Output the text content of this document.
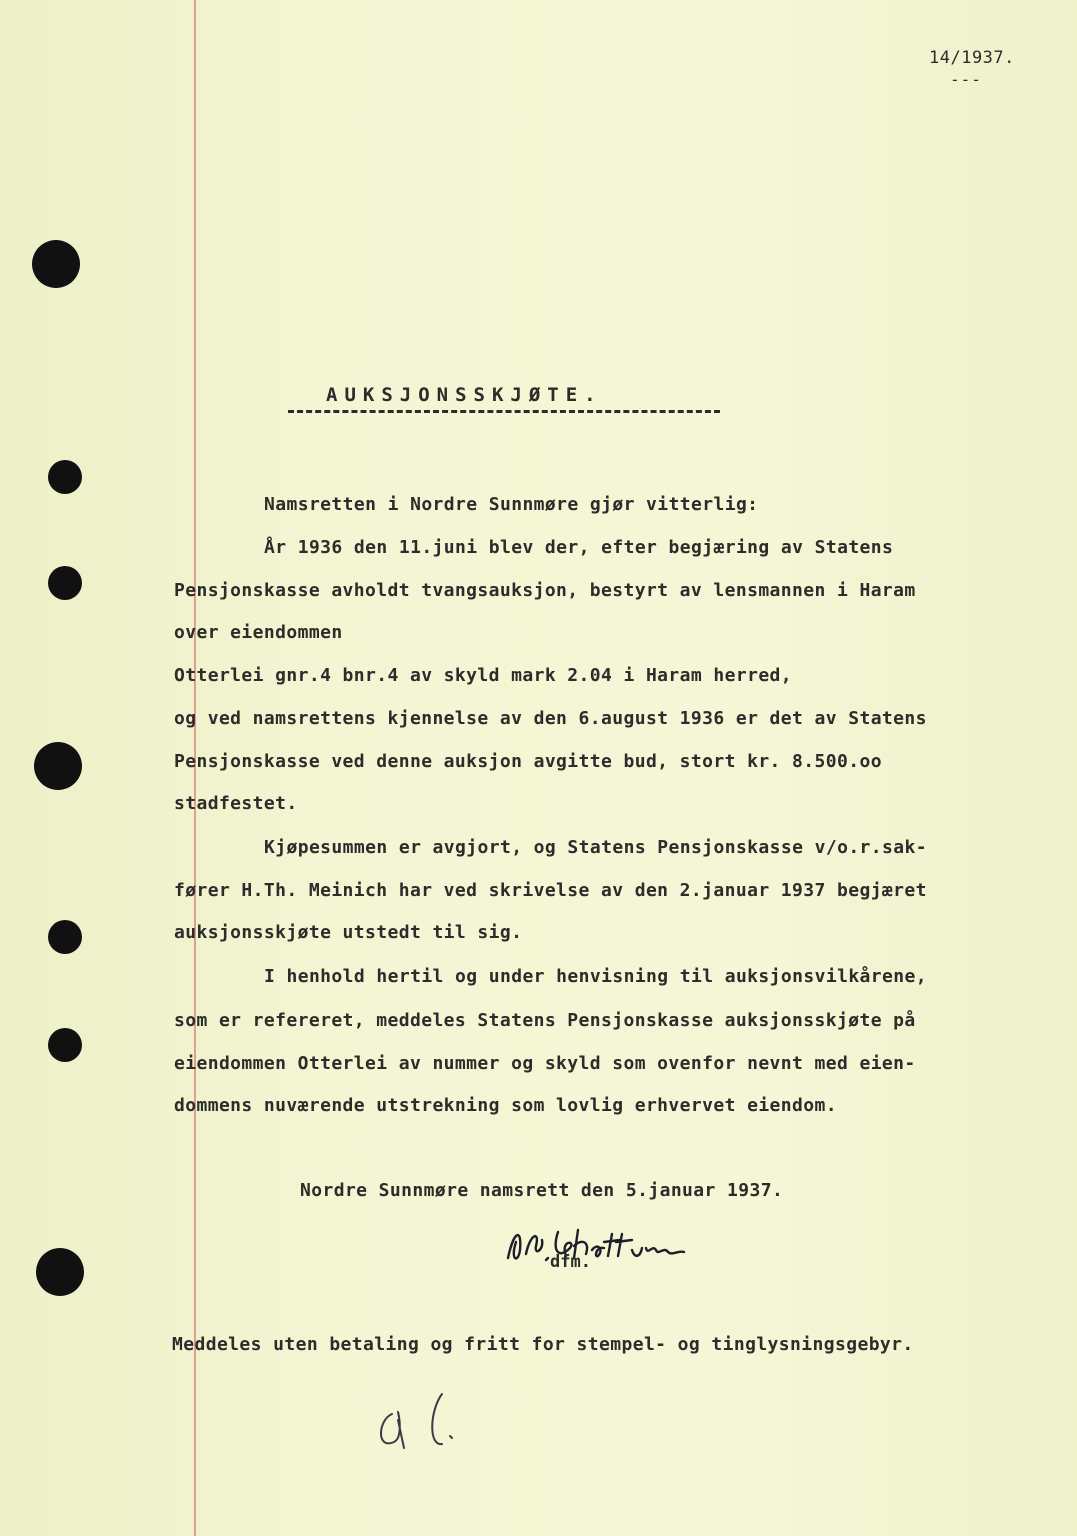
14/1937.
---
AUKSJONSSKJØTE.
Namsretten i Nordre Sunnmøre gjør vitterlig:
År 1936 den 11.juni blev der, efter begjæring av Statens
Pensjonskasse avholdt tvangsauksjon, bestyrt av lensmannen i Haram
over eiendommen
Otterlei gnr.4 bnr.4 av skyld mark 2.04 i Haram herred,
og ved namsrettens kjennelse av den 6.august 1936 er det av Statens
Pensjonskasse ved denne auksjon avgitte bud, stort kr. 8.500.oo
stadfestet.
Kjøpesummen er avgjort, og Statens Pensjonskasse v/o.r.sak-
fører H.Th. Meinich har ved skrivelse av den 2.januar 1937 begjæret
auksjonsskjøte utstedt til sig.
I henhold hertil og under henvisning til auksjonsvilkårene,
som er refereret, meddeles Statens Pensjonskasse auksjonsskjøte på
eiendommen Otterlei av nummer og skyld som ovenfor nevnt med eien-
dommens nuværende utstrekning som lovlig erhvervet eiendom.
Nordre Sunnmøre namsrett den 5.januar 1937.
dfm.
Meddeles uten betaling og fritt for stempel- og tinglysningsgebyr.
